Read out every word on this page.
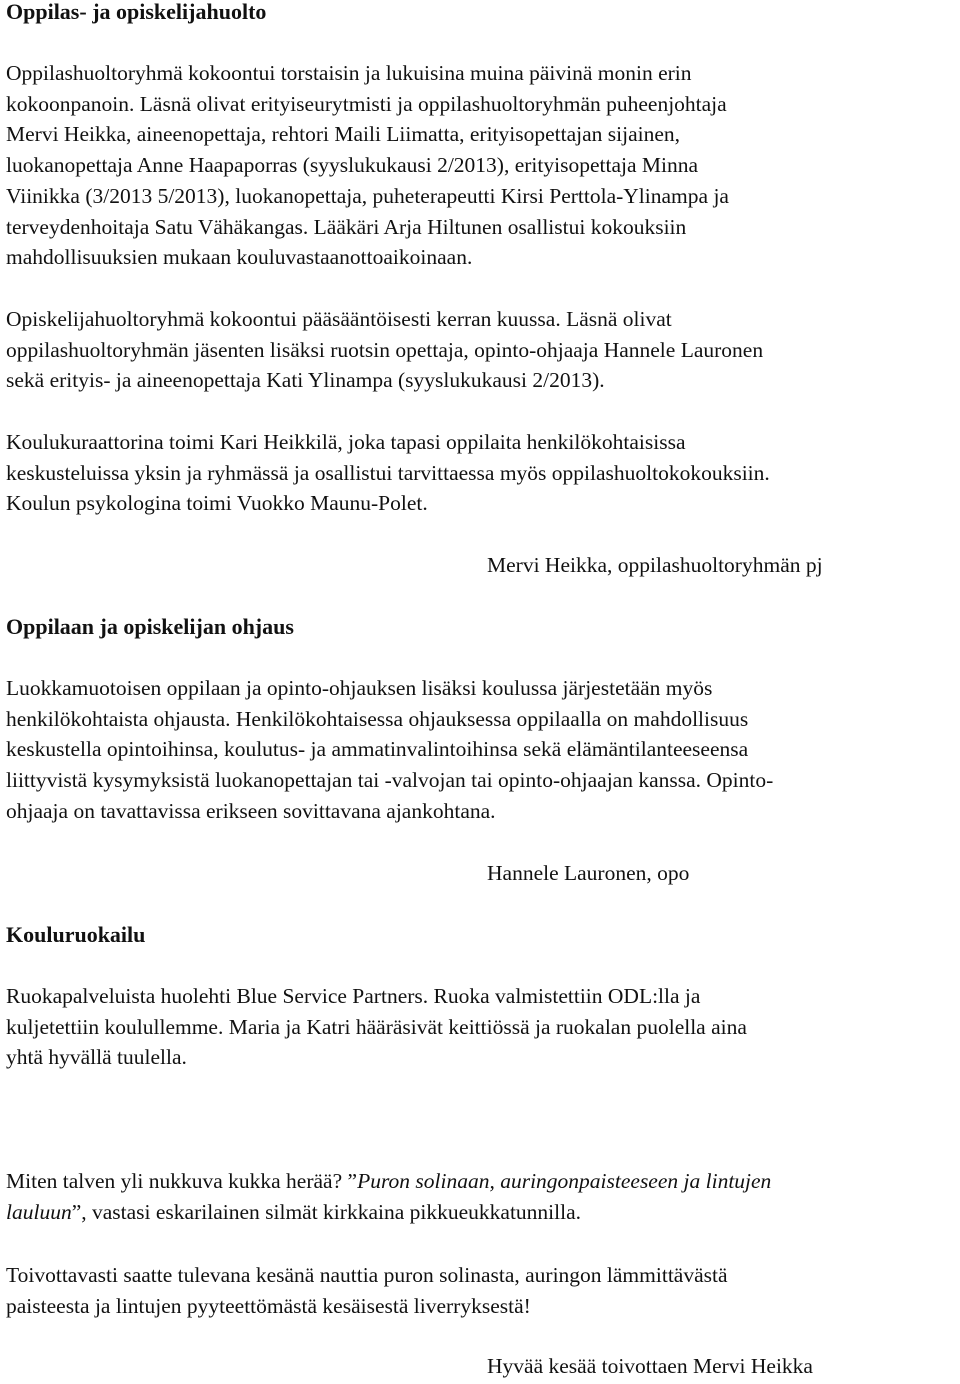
Oppilas- ja opiskelijahuolto
Oppilashuoltoryhmä kokoontui torstaisin ja lukuisina muina päivinä monin erin
kokoonpanoin. Läsnä olivat erityiseurytmisti ja oppilashuoltoryhmän puheenjohtaja
Mervi Heikka, aineenopettaja, rehtori Maili Liimatta, erityisopettajan sijainen,
luokanopettaja Anne Haapaporras (syyslukukausi 2/2013), erityisopettaja Minna
Viinikka (3/2013 5/2013), luokanopettaja, puheterapeutti Kirsi Perttola-Ylinampa ja
terveydenhoitaja Satu Vähäkangas. Lääkäri Arja Hiltunen osallistui kokouksiin
mahdollisuuksien mukaan kouluvastaanottoaikoinaan.
Opiskelijahuoltoryhmä kokoontui pääsääntöisesti kerran kuussa. Läsnä olivat
oppilashuoltoryhmän jäsenten lisäksi ruotsin opettaja, opinto-ohjaaja Hannele Lauronen
sekä erityis- ja aineenopettaja Kati Ylinampa (syyslukukausi 2/2013).
Koulukuraattorina toimi Kari Heikkilä, joka tapasi oppilaita henkilökohtaisissa
keskusteluissa yksin ja ryhmässä ja osallistui tarvittaessa myös oppilashuoltokokouksiin.
Koulun psykologina toimi Vuokko Maunu-Polet.
Mervi Heikka, oppilashuoltoryhmän pj
Oppilaan ja opiskelijan ohjaus
Luokkamuotoisen oppilaan ja opinto-ohjauksen lisäksi koulussa järjestetään myös
henkilökohtaista ohjausta. Henkilökohtaisessa ohjauksessa oppilaalla on mahdollisuus
keskustella opintoihinsa, koulutus- ja ammatinvalintoihinsa sekä elämäntilanteeseensa
liittyvistä kysymyksistä luokanopettajan tai -valvojan tai opinto-ohjaajan kanssa. Opinto-
ohjaaja on tavattavissa erikseen sovittavana ajankohtana.
Hannele Lauronen, opo
Kouluruokailu
Ruokapalveluista huolehti Blue Service Partners. Ruoka valmistettiin ODL:lla ja
kuljetettiin koulullemme. Maria ja Katri hääräsivät keittiössä ja ruokalan puolella aina
yhtä hyvällä tuulella.
Miten talven yli nukkuva kukka herää? ”Puron solinaan, auringonpaisteeseen ja lintujen
lauluun”, vastasi eskarilainen silmät kirkkaina pikkueukkatunnilla.
Toivottavasti saatte tulevana kesänä nauttia puron solinasta, auringon lämmittävästä
paisteesta ja lintujen pyyteettömästä kesäisestä liverryksestä!
Hyvää kesää toivottaen Mervi Heikka
